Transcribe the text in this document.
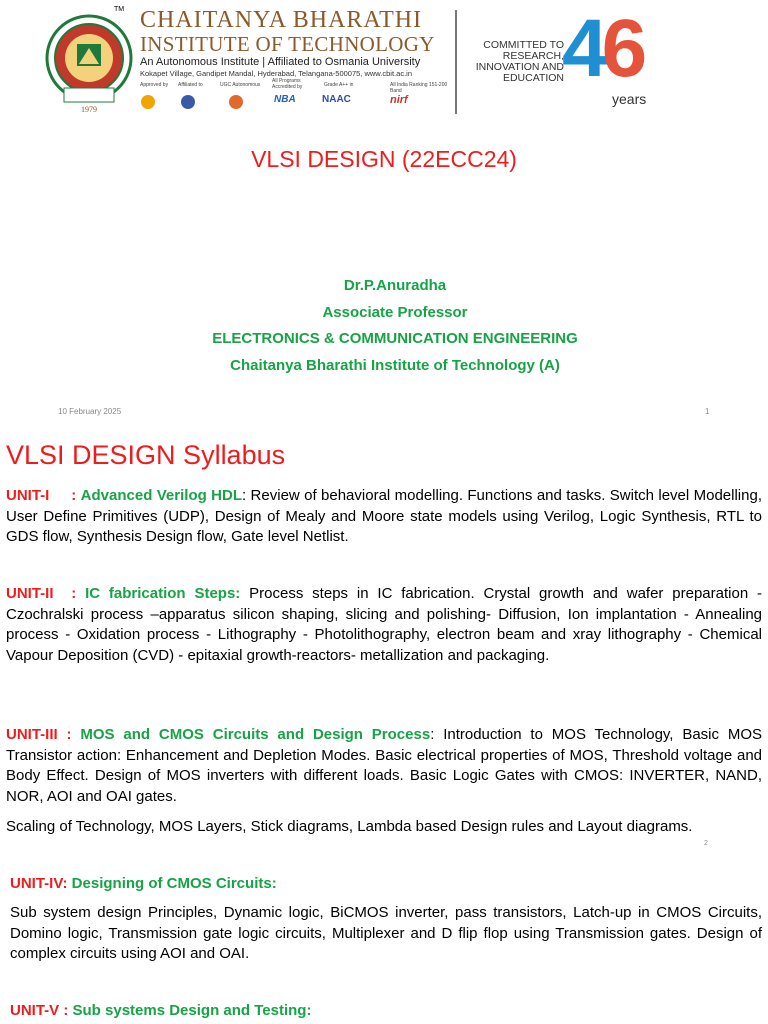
1979
TM CHAITANYA BHARATHI
INSTITUTE OF TECHNOLOGY
An Autonomous Institute | Affiliated to Osmania University
Kokapet Village, Gandipet Mandal, Hyderabad, Telangana-500075, www.cbit.ac.in
Approved by Affiliated to	UGC Autonomous
All Programs Accredited by
NBA
Grade A++ in
NAAC
All India Ranking 151-200 Band
nirf
COMMITTED TO
RESEARCH,
INNOVATION AND
EDUCATION
46
years
VLSI DESIGN (22ECC24)
Dr.P.Anuradha
Associate Professor
ELECTRONICS & COMMUNICATION ENGINEERING
Chaitanya Bharathi Institute of Technology (A)
10 February 2025	1
VLSI DESIGN Syllabus
UNIT-I     : Advanced Verilog HDL: Review of behavioral modelling. Functions and tasks. Switch level Modelling, User Define Primitives (UDP), Design of Mealy and Moore state models using Verilog, Logic Synthesis, RTL to GDS flow, Synthesis Design flow, Gate level Netlist.
UNIT-II  : IC fabrication Steps: Process steps in IC fabrication. Crystal growth and wafer preparation - Czochralski process –apparatus silicon shaping, slicing and polishing- Diffusion, Ion implantation - Annealing process - Oxidation process - Lithography - Photolithography, electron beam and xray lithography - Chemical Vapour Deposition (CVD) - epitaxial growth-reactors- metallization and packaging.
UNIT-III : MOS and CMOS Circuits and Design Process: Introduction to MOS Technology, Basic MOS Transistor action: Enhancement and Depletion Modes. Basic electrical properties of MOS, Threshold voltage and Body Effect. Design of MOS inverters with different loads. Basic Logic Gates with CMOS: INVERTER, NAND, NOR, AOI and OAI gates.
Scaling of Technology, MOS Layers, Stick diagrams, Lambda based Design rules and Layout diagrams.
2
UNIT-IV: Designing of CMOS Circuits:
Sub system design Principles, Dynamic logic, BiCMOS inverter, pass transistors, Latch-up in CMOS Circuits, Domino logic, Transmission gate logic circuits, Multiplexer and D flip flop using Transmission gates. Design of complex circuits using AOI and OAI.
UNIT-V : Sub systems Design and Testing:
